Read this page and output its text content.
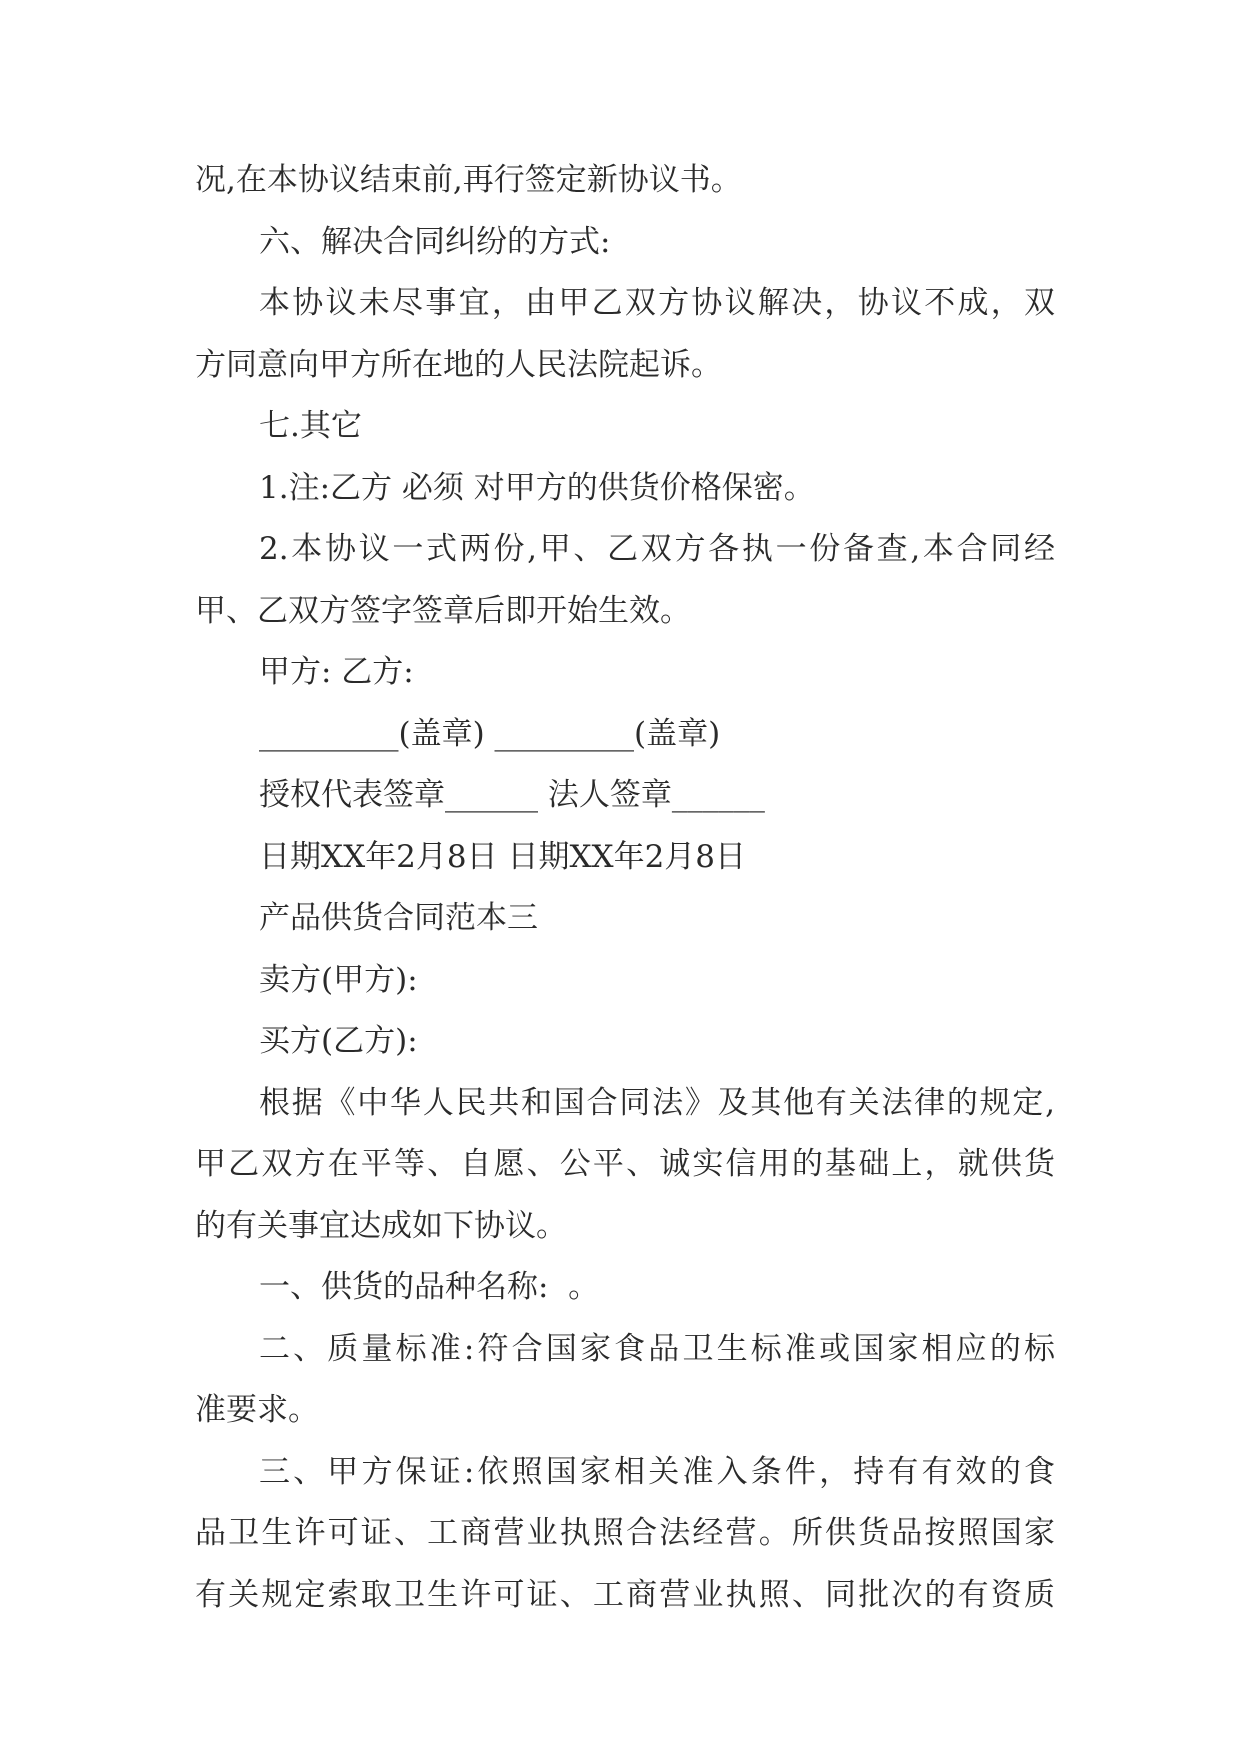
况,在本协议结束前,再行签定新协议书。
六、解决合同纠纷的方式:
本协议未尽事宜，由甲乙双方协议解决，协议不成，双
方同意向甲方所在地的人民法院起诉。
七.其它
1.注:乙方 必须 对甲方的供货价格保密。
2.本协议一式两份,甲、乙双方各执一份备查,本合同经
甲、乙双方签字签章后即开始生效。
甲方: 乙方:
_________(盖章) _________(盖章)
授权代表签章______ 法人签章______
日期XX年2月8日 日期XX年2月8日
产品供货合同范本三
卖方(甲方):
买方(乙方):
根据《中华人民共和国合同法》及其他有关法律的规定,
甲乙双方在平等、自愿、公平、诚实信用的基础上，就供货
的有关事宜达成如下协议。
一、供货的品种名称:  。
二、质量标准:符合国家食品卫生标准或国家相应的标
准要求。
三、甲方保证:依照国家相关准入条件，持有有效的食
品卫生许可证、工商营业执照合法经营。所供货品按照国家
有关规定索取卫生许可证、工商营业执照、同批次的有资质
